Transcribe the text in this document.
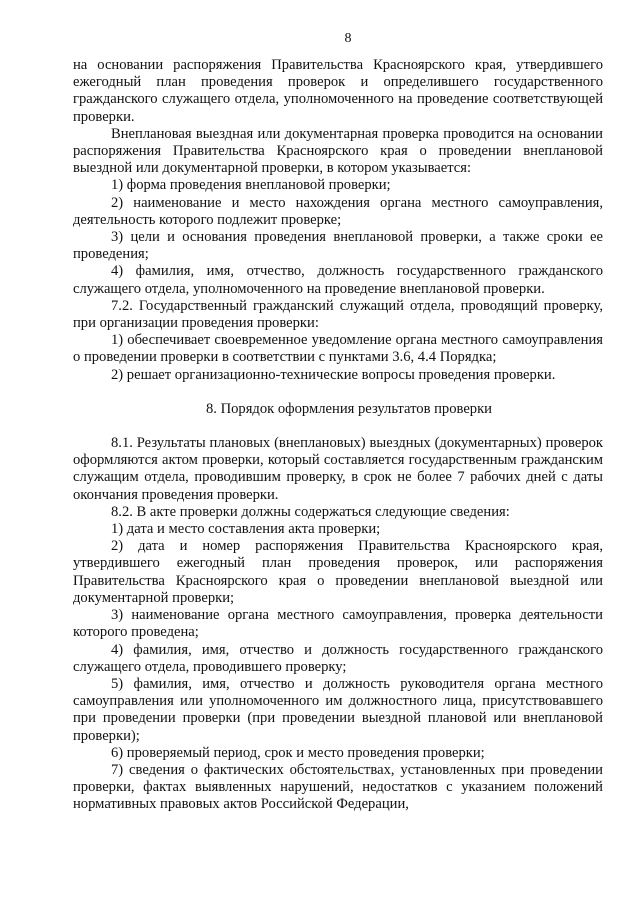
8

на основании распоряжения Правительства Красноярского края, утвердившего ежегодный план проведения проверок и определившего государственного гражданского служащего отдела, уполномоченного на проведение соответствующей проверки.

Внеплановая выездная или документарная проверка проводится на основании распоряжения Правительства Красноярского края о проведении внеплановой выездной или документарной проверки, в котором указывается:

1) форма проведения внеплановой проверки;

2) наименование и место нахождения органа местного самоуправления, деятельность которого подлежит проверке;

3) цели и основания проведения внеплановой проверки, а также сроки ее проведения;

4) фамилия, имя, отчество, должность государственного гражданского служащего отдела, уполномоченного на проведение внеплановой проверки.

7.2. Государственный гражданский служащий отдела, проводящий проверку, при организации проведения проверки:

1) обеспечивает своевременное уведомление органа местного самоуправления о проведении проверки в соответствии с пунктами 3.6, 4.4 Порядка;

2) решает организационно-технические вопросы проведения проверки.

8. Порядок оформления результатов проверки

8.1. Результаты плановых (внеплановых) выездных (документарных) проверок оформляются актом проверки, который составляется государственным гражданским служащим отдела, проводившим проверку, в срок не более 7 рабочих дней с даты окончания проведения проверки.

8.2. В акте проверки должны содержаться следующие сведения:

1) дата и место составления акта проверки;

2) дата и номер распоряжения Правительства Красноярского края, утвердившего ежегодный план проведения проверок, или распоряжения Правительства Красноярского края о проведении внеплановой выездной или документарной проверки;

3) наименование органа местного самоуправления, проверка деятельности которого проведена;

4) фамилия, имя, отчество и должность государственного гражданского служащего отдела, проводившего проверку;

5) фамилия, имя, отчество и должность руководителя органа местного самоуправления или уполномоченного им должностного лица, присутствовавшего при проведении проверки (при проведении выездной плановой или внеплановой проверки);

6) проверяемый период, срок и место проведения проверки;

7) сведения о фактических обстоятельствах, установленных при проведении проверки, фактах выявленных нарушений, недостатков с указанием положений нормативных правовых актов Российской Федерации,
